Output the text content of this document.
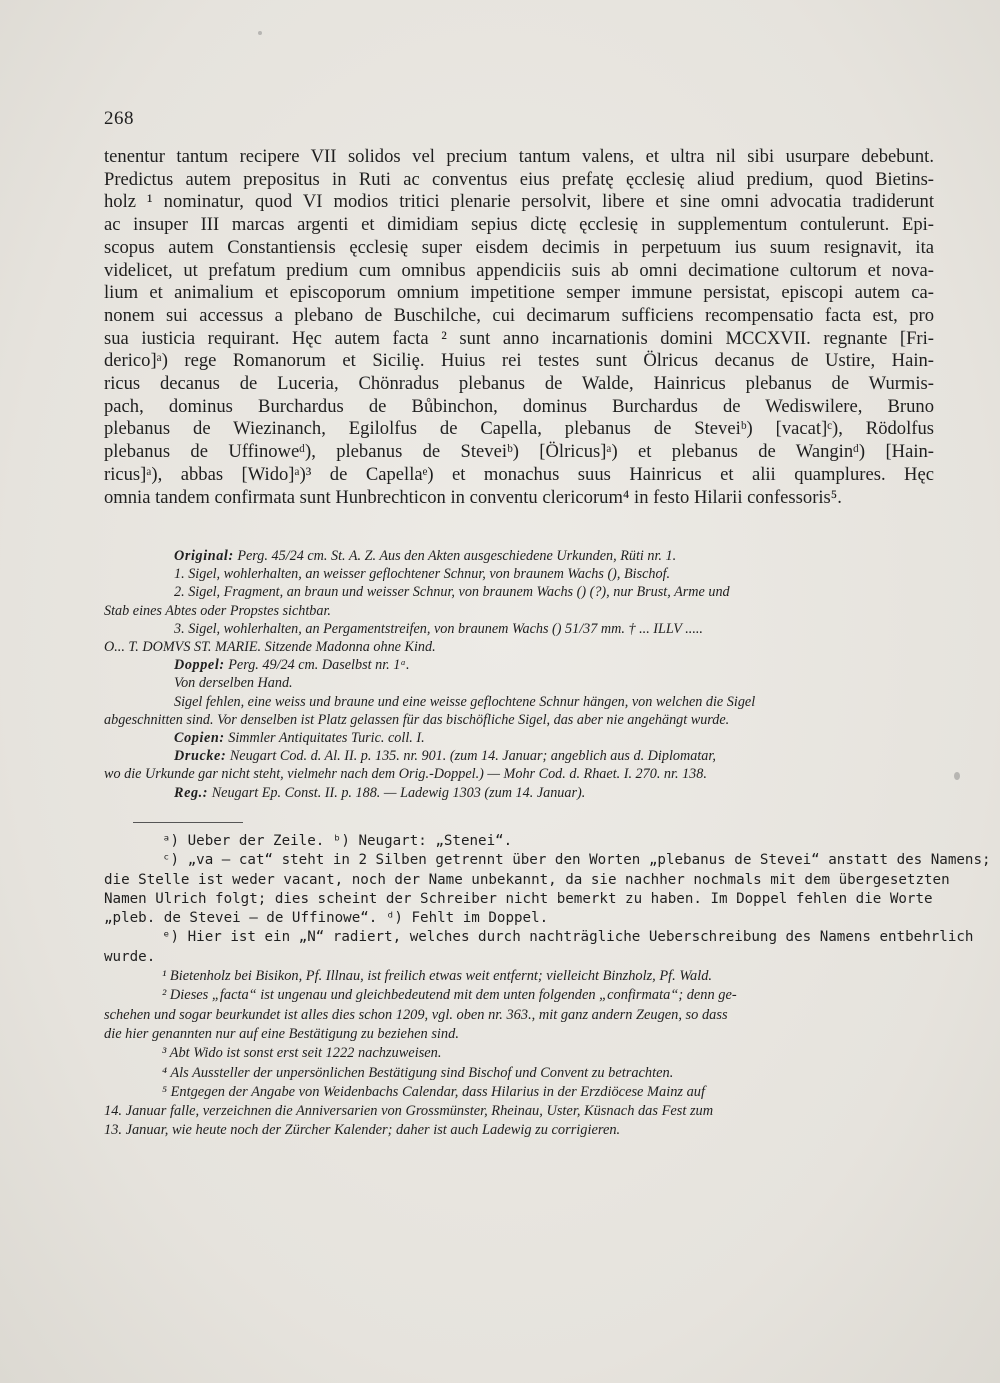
268
tenentur tantum recipere VII solidos vel precium tantum valens, et ultra nil sibi usurpare debebunt.
Predictus autem prepositus in Ruti ac conventus eius prefatę ęcclesię aliud predium, quod Bietins-
holz ¹ nominatur, quod VI modios tritici plenarie persolvit, libere et sine omni advocatia tradiderunt
ac insuper III marcas argenti et dimidiam sepius dictę ęcclesię in supplementum contulerunt. Epi-
scopus autem Constantiensis ęcclesię super eisdem decimis in perpetuum ius suum resignavit, ita
videlicet, ut prefatum predium cum omnibus appendiciis suis ab omni decimatione cultorum et nova-
lium et animalium et episcoporum omnium impetitione semper immune persistat, episcopi autem ca-
nonem sui accessus a plebano de Buschilche, cui decimarum sufficiens recompensatio facta est, pro
sua iusticia requirant. Hęc autem facta ² sunt anno incarnationis domini MCCXVII. regnante [Fri-
derico]ᵃ) rege Romanorum et Siciliȩ. Huius rei testes sunt Ölricus decanus de Ustire, Hain-
ricus decanus de Luceria, Chönradus plebanus de Walde, Hainricus plebanus de Wurmis-
pach, dominus Burchardus de Bůbinchon, dominus Burchardus de Wediswilere, Bruno
plebanus de Wiezinanch, Egilolfus de Capella, plebanus de Steveiᵇ) [vacat]ᶜ), Rödolfus
plebanus de Uffinoweᵈ), plebanus de Steveiᵇ) [Ölricus]ᵃ) et plebanus de Wanginᵈ) [Hain-
ricus]ᵃ), abbas [Wido]ᵃ)³ de Capellaᵉ) et monachus suus Hainricus et alii quamplures. Hęc
omnia tandem confirmata sunt Hunbrechticon in conventu clericorum⁴ in festo Hilarii confessoris⁵.
Original: Perg. 45/24 cm. St. A. Z. Aus den Akten ausgeschiedene Urkunden, Rüti nr. 1.
1. Sigel, wohlerhalten, an weisser geflochtener Schnur, von braunem Wachs (), Bischof.
2. Sigel, Fragment, an braun und weisser Schnur, von braunem Wachs () (?), nur Brust, Arme und
Stab eines Abtes oder Propstes sichtbar.
3. Sigel, wohlerhalten, an Pergamentstreifen, von braunem Wachs () 51/37 mm. † ... ILLV .....
O... T. DOMVS ST. MARIE. Sitzende Madonna ohne Kind.
Doppel: Perg. 49/24 cm. Daselbst nr. 1ᵃ.
Von derselben Hand.
Sigel fehlen, eine weiss und braune und eine weisse geflochtene Schnur hängen, von welchen die Sigel
abgeschnitten sind. Vor denselben ist Platz gelassen für das bischöfliche Sigel, das aber nie angehängt wurde.
Copien: Simmler Antiquitates Turic. coll. I.
Drucke: Neugart Cod. d. Al. II. p. 135. nr. 901. (zum 14. Januar; angeblich aus d. Diplomatar,
wo die Urkunde gar nicht steht, vielmehr nach dem Orig.-Doppel.) — Mohr Cod. d. Rhaet. I. 270. nr. 138.
Reg.: Neugart Ep. Const. II. p. 188. — Ladewig 1303 (zum 14. Januar).
ᵃ) Ueber der Zeile. ᵇ) Neugart: „Stenei“.
ᶜ) „va — cat“ steht in 2 Silben getrennt über den Worten „plebanus de Stevei“ anstatt des Namens;
die Stelle ist weder vacant, noch der Name unbekannt, da sie nachher nochmals mit dem übergesetzten
Namen Ulrich folgt; dies scheint der Schreiber nicht bemerkt zu haben. Im Doppel fehlen die Worte
„pleb. de Stevei — de Uffinowe“. ᵈ) Fehlt im Doppel.
ᵉ) Hier ist ein „N“ radiert, welches durch nachträgliche Ueberschreibung des Namens entbehrlich
wurde.
¹ Bietenholz bei Bisikon, Pf. Illnau, ist freilich etwas weit entfernt; vielleicht Binzholz, Pf. Wald.
² Dieses „facta“ ist ungenau und gleichbedeutend mit dem unten folgenden „confirmata“; denn ge-
schehen und sogar beurkundet ist alles dies schon 1209, vgl. oben nr. 363., mit ganz andern Zeugen, so dass
die hier genannten nur auf eine Bestätigung zu beziehen sind.
³ Abt Wido ist sonst erst seit 1222 nachzuweisen.
⁴ Als Aussteller der unpersönlichen Bestätigung sind Bischof und Convent zu betrachten.
⁵ Entgegen der Angabe von Weidenbachs Calendar, dass Hilarius in der Erzdiöcese Mainz auf
14. Januar falle, verzeichnen die Anniversarien von Grossmünster, Rheinau, Uster, Küsnach das Fest zum
13. Januar, wie heute noch der Zürcher Kalender; daher ist auch Ladewig zu corrigieren.
